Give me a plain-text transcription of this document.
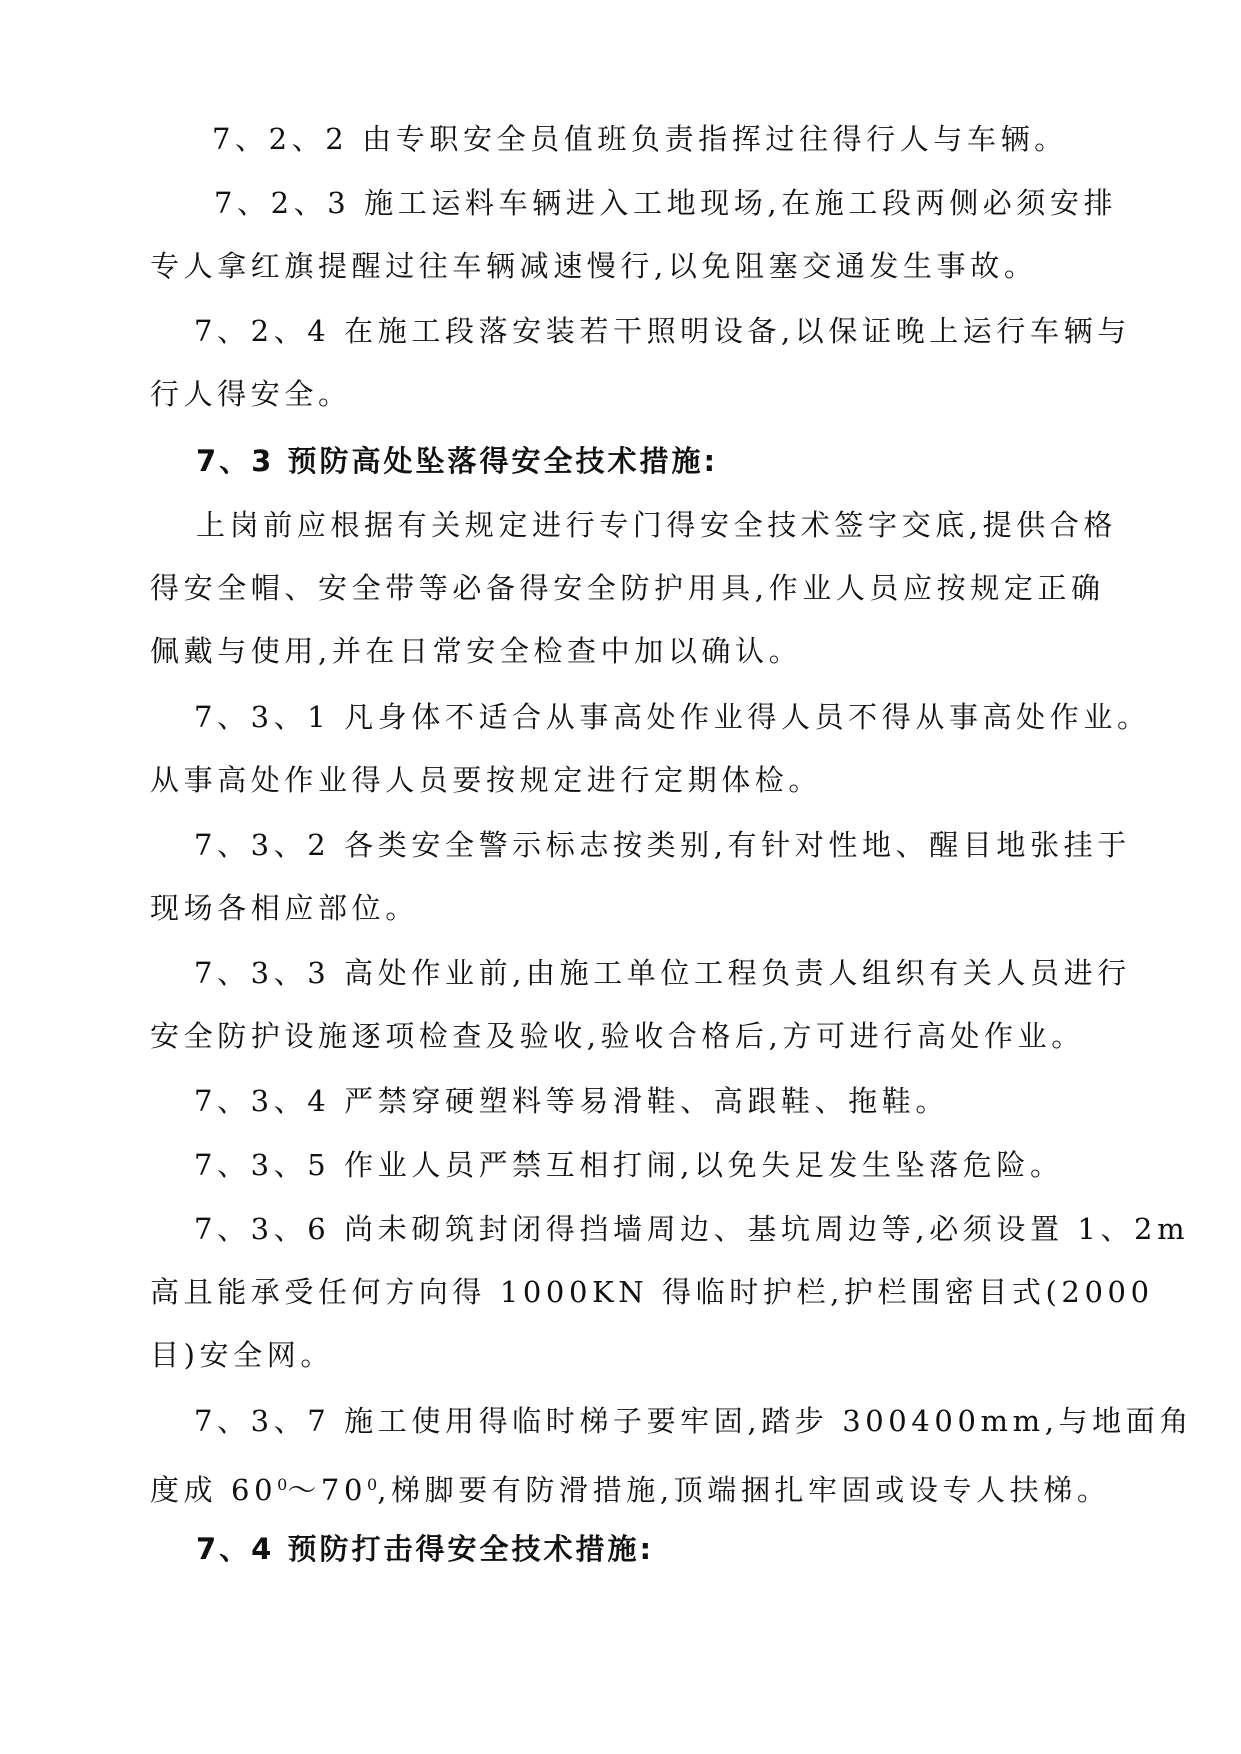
7、2、2 由专职安全员值班负责指挥过往得行人与车辆。

7、2、3 施工运料车辆进入工地现场,在施工段两侧必须安排
专人拿红旗提醒过往车辆减速慢行,以免阻塞交通发生事故。

7、2、4 在施工段落安装若干照明设备,以保证晚上运行车辆与
行人得安全。

7、3 预防高处坠落得安全技术措施:

上岗前应根据有关规定进行专门得安全技术签字交底,提供合格
得安全帽、安全带等必备得安全防护用具,作业人员应按规定正确
佩戴与使用,并在日常安全检查中加以确认。

7、3、1 凡身体不适合从事高处作业得人员不得从事高处作业。
从事高处作业得人员要按规定进行定期体检。

7、3、2 各类安全警示标志按类别,有针对性地、醒目地张挂于
现场各相应部位。

7、3、3 高处作业前,由施工单位工程负责人组织有关人员进行
安全防护设施逐项检查及验收,验收合格后,方可进行高处作业。

7、3、4 严禁穿硬塑料等易滑鞋、高跟鞋、拖鞋。

7、3、5 作业人员严禁互相打闹,以免失足发生坠落危险。

7、3、6 尚未砌筑封闭得挡墙周边、基坑周边等,必须设置 1、2m
高且能承受任何方向得 1000KN 得临时护栏,护栏围密目式(2000
目)安全网。

7、3、7 施工使用得临时梯子要牢固,踏步 300400mm,与地面角
度成 $60^0\sim 70^0$,梯脚要有防滑措施,顶端捆扎牢固或设专人扶梯。

7、4 预防打击得安全技术措施:
